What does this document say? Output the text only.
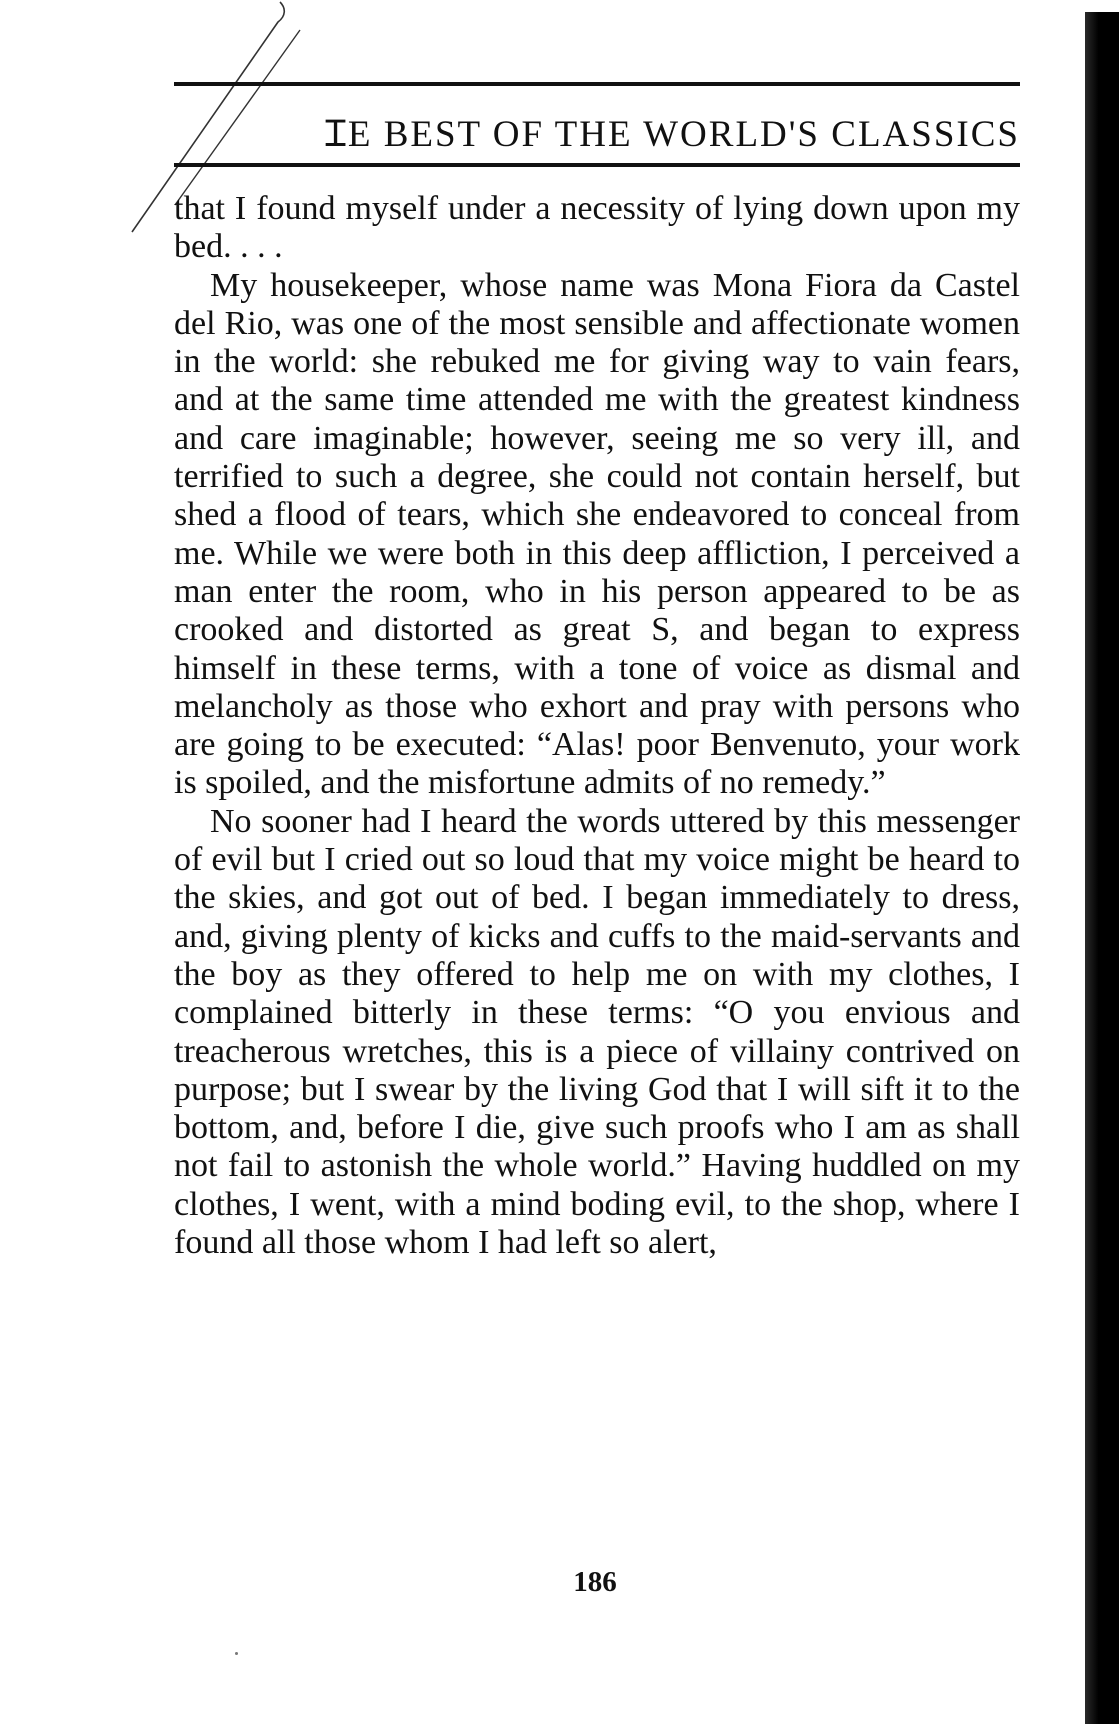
ꞮE BEST OF THE WORLD'S CLASSICS

that I found myself under a necessity of lying down upon my bed. . . .

My housekeeper, whose name was Mona Fiora da Castel del Rio, was one of the most sensible and affectionate women in the world: she rebuked me for giving way to vain fears, and at the same time attended me with the greatest kindness and care imaginable; however, seeing me so very ill, and terrified to such a degree, she could not contain herself, but shed a flood of tears, which she endeavored to conceal from me. While we were both in this deep affliction, I perceived a man enter the room, who in his person appeared to be as crooked and distorted as great S, and began to express himself in these terms, with a tone of voice as dismal and melancholy as those who exhort and pray with persons who are going to be executed: “Alas! poor Benvenuto, your work is spoiled, and the misfortune admits of no remedy.”

No sooner had I heard the words uttered by this messenger of evil but I cried out so loud that my voice might be heard to the skies, and got out of bed. I began immediately to dress, and, giving plenty of kicks and cuffs to the maid-servants and the boy as they offered to help me on with my clothes, I complained bitterly in these terms: “O you envious and treacherous wretches, this is a piece of villainy contrived on purpose; but I swear by the living God that I will sift it to the bottom, and, before I die, give such proofs who I am as shall not fail to astonish the whole world.” Having huddled on my clothes, I went, with a mind boding evil, to the shop, where I found all those whom I had left so alert,

186
